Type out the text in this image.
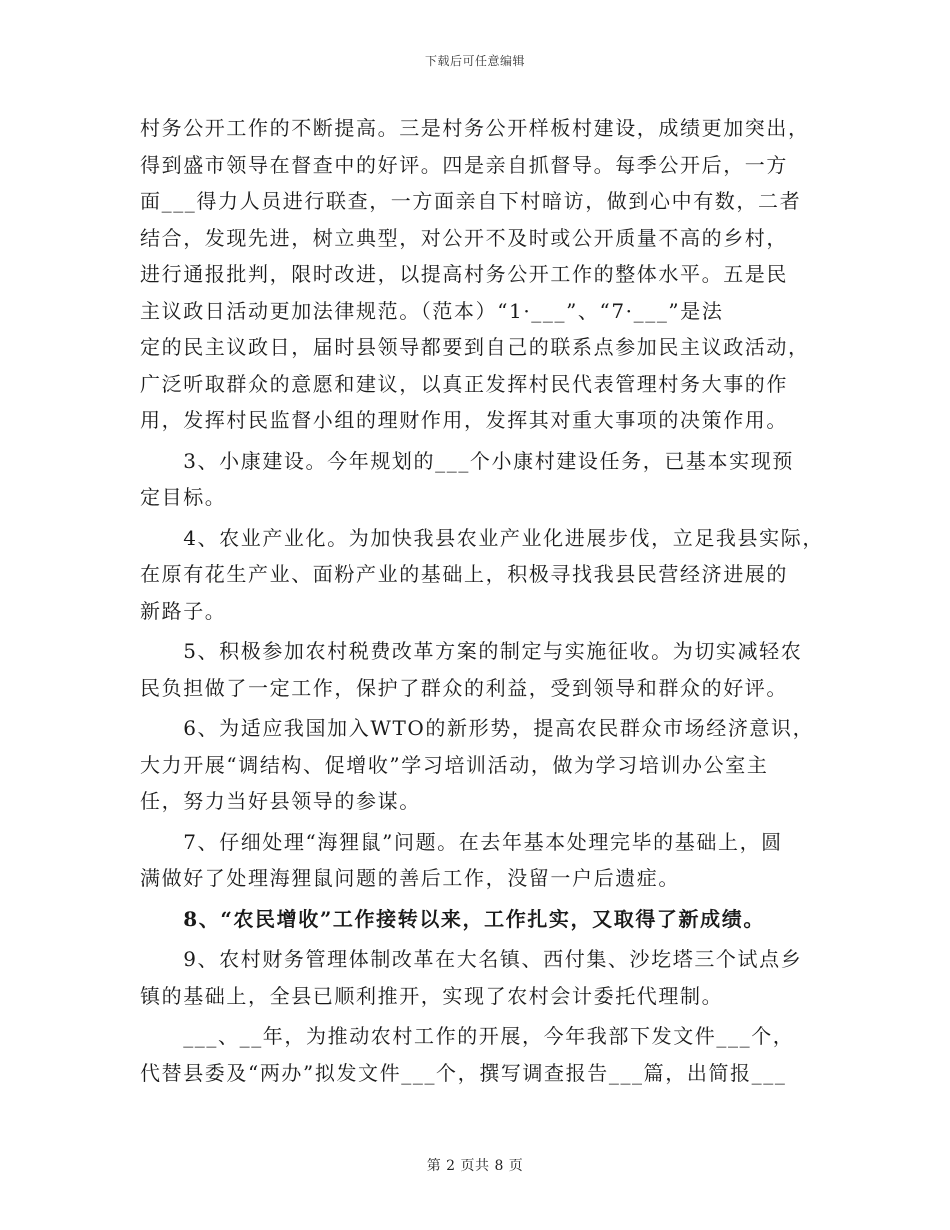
下载后可任意编辑
村务公开工作的不断提高。三是村务公开样板村建设，成绩更加突出，
得到盛市领导在督查中的好评。四是亲自抓督导。每季公开后，一方
面___得力人员进行联查，一方面亲自下村暗访，做到心中有数，二者
结合，发现先进，树立典型，对公开不及时或公开质量不高的乡村，
进行通报批判，限时改进，以提高村务公开工作的整体水平。五是民
主议政日活动更加法律规范。（范本）“1·___”、“7·___”是法
定的民主议政日，届时县领导都要到自己的联系点参加民主议政活动，
广泛听取群众的意愿和建议，以真正发挥村民代表管理村务大事的作
用，发挥村民监督小组的理财作用，发挥其对重大事项的决策作用。
　　3、小康建设。今年规划的___个小康村建设任务，已基本实现预
定目标。
　　4、农业产业化。为加快我县农业产业化进展步伐，立足我县实际，
在原有花生产业、面粉产业的基础上，积极寻找我县民营经济进展的
新路子。
　　5、积极参加农村税费改革方案的制定与实施征收。为切实减轻农
民负担做了一定工作，保护了群众的利益，受到领导和群众的好评。
　　6、为适应我国加入WTO的新形势，提高农民群众市场经济意识，
大力开展“调结构、促增收”学习培训活动，做为学习培训办公室主
任，努力当好县领导的参谋。
　　7、仔细处理“海狸鼠”问题。在去年基本处理完毕的基础上，圆
满做好了处理海狸鼠问题的善后工作，没留一户后遗症。
　　8、“农民增收”工作接转以来，工作扎实，又取得了新成绩。
　　9、农村财务管理体制改革在大名镇、西付集、沙圪塔三个试点乡
镇的基础上，全县已顺利推开，实现了农村会计委托代理制。
　　___、__年，为推动农村工作的开展，今年我部下发文件___个，
代替县委及“两办”拟发文件___个，撰写调查报告___篇，出简报___
第 2 页共 8 页
